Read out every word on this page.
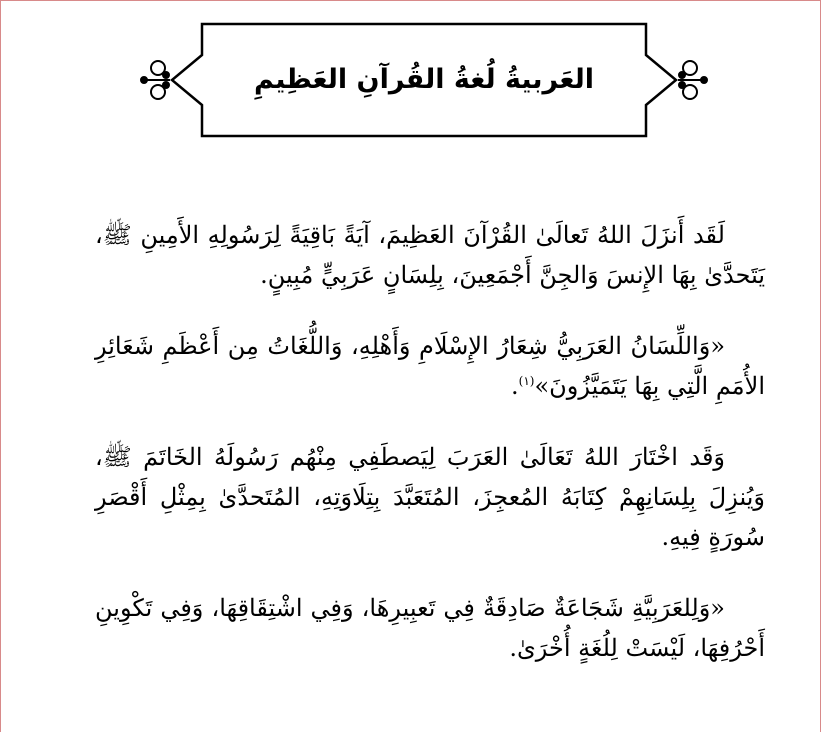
العَربيةُ لُغةُ القُرآنِ العَظِيمِ

لَقَد أَنزَلَ اللهُ تَعالَىٰ القُرْآنَ العَظِيمَ، آيَةً بَاقِيَةً لِرَسُولِهِ الأَمِينِ ﷺ، يَتَحدَّىٰ بِهَا الإِنسَ وَالجِنَّ أَجْمَعِينَ، بِلِسَانٍ عَرَبِيٍّ مُبِينٍ.

«وَاللِّسَانُ العَرَبِيُّ شِعَارُ الإِسْلَامِ وَأَهْلِهِ، وَاللُّغَاتُ مِن أَعْظَمِ شَعَائِرِ الأُمَمِ الَّتِي بِهَا يَتَمَيَّزُونَ»$^{(١)}$.

وَقَد اخْتَارَ اللهُ تَعَالَىٰ العَرَبَ لِيَصطَفِي مِنْهُم رَسُولَهُ الخَاتَمَ ﷺ، وَيُنزِلَ بِلِسَانِهِمْ كِتَابَهُ المُعجِزَ، المُتَعَبَّدَ بِتِلَاوَتِهِ، المُتَحدَّىٰ بِمِثْلِ أَقْصَرِ سُورَةٍ فِيهِ.

«وَلِلعَرَبِيَّةِ شَجَاعَةٌ صَادِقَةٌ فِي تَعبِيرِهَا، وَفِي اشْتِقَاقِهَا، وَفِي تَكْوِينِ أَحْرُفِهَا، لَيْسَتْ لِلُغَةٍ أُخْرَىٰ.
